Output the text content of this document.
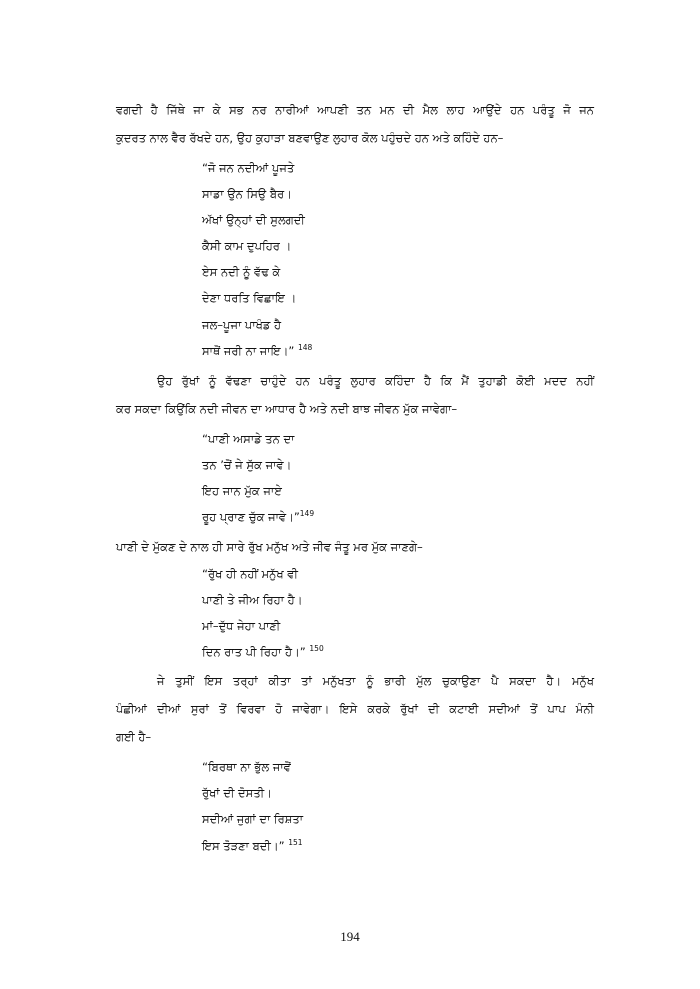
ਵਗਦੀ ਹੈ ਜਿੱਥੇ ਜਾ ਕੇ ਸਭ ਨਰ ਨਾਰੀਆਂ ਆਪਣੀ ਤਨ ਮਨ ਦੀ ਮੈਲ ਲਾਹ ਆਉਂਦੇ ਹਨ ਪਰੰਤੂ ਜੋ ਜਨ
ਕੁਦਰਤ ਨਾਲ ਵੈਰ ਰੱਖਦੇ ਹਨ, ਉਹ ਕੁਹਾੜਾ ਬਣਵਾਉਣ ਲੁਹਾਰ ਕੋਲ ਪਹੁੰਚਦੇ ਹਨ ਅਤੇ ਕਹਿੰਦੇ ਹਨ–
“ਜੋ ਜਨ ਨਦੀਆਂ ਪੂਜਤੇ
ਸਾਡਾ ਉਨ ਸਿਉ ਬੈਰ।
ਅੱਖਾਂ ਉਨ੍ਹਾਂ ਦੀ ਸੁਲਗਦੀ
ਕੈਸੀ ਕਾਮ ਦੁਪਹਿਰ ।
ਏਸ ਨਦੀ ਨੂੰ ਵੱਢ ਕੇ
ਦੇਣਾ ਧਰਤਿ ਵਿਛਾਇ ।
ਜਲ–ਪੂਜਾ ਪਾਖੰਡ ਹੈ
ਸਾਥੋਂ ਜਰੀ ਨਾ ਜਾਇ।” $^{148}$
ਉਹ ਰੁੱਖਾਂ ਨੂੰ ਵੱਢਣਾ ਚਾਹੁੰਦੇ ਹਨ ਪਰੰਤੂ ਲੁਹਾਰ ਕਹਿੰਦਾ ਹੈ ਕਿ ਮੈਂ ਤੁਹਾਡੀ ਕੋਈ ਮਦਦ ਨਹੀਂ
ਕਰ ਸਕਦਾ ਕਿਉਂਕਿ ਨਦੀ ਜੀਵਨ ਦਾ ਆਧਾਰ ਹੈ ਅਤੇ ਨਦੀ ਬਾਝ ਜੀਵਨ ਮੁੱਕ ਜਾਵੇਗਾ–
“ਪਾਣੀ ਅਸਾਡੇ ਤਨ ਦਾ
ਤਨ ’ਚੋਂ ਜੇ ਸੁੱਕ ਜਾਵੇ।
ਇਹ ਜਾਨ ਮੁੱਕ ਜਾਏ
ਰੂਹ ਪ੍ਰਾਣ ਚੁੱਕ ਜਾਵੇ।”$^{149}$
ਪਾਣੀ ਦੇ ਮੁੱਕਣ ਦੇ ਨਾਲ ਹੀ ਸਾਰੇ ਰੁੱਖ ਮਨੁੱਖ ਅਤੇ ਜੀਵ ਜੰਤੂ ਮਰ ਮੁੱਕ ਜਾਣਗੇ–
“ਰੁੱਖ ਹੀ ਨਹੀਂ ਮਨੁੱਖ ਵੀ
ਪਾਣੀ ਤੇ ਜੀਅ ਰਿਹਾ ਹੈ।
ਮਾਂ–ਦੁੱਧ ਜੇਹਾ ਪਾਣੀ
ਦਿਨ ਰਾਤ ਪੀ ਰਿਹਾ ਹੈ।” $^{150}$
ਜੇ ਤੁਸੀਂ ਇਸ ਤਰ੍ਹਾਂ ਕੀਤਾ ਤਾਂ ਮਨੁੱਖਤਾ ਨੂੰ ਭਾਰੀ ਮੁੱਲ ਚੁਕਾਉਣਾ ਪੈ ਸਕਦਾ ਹੈ। ਮਨੁੱਖ
ਪੰਛੀਆਂ ਦੀਆਂ ਸੁਰਾਂ ਤੋਂ ਵਿਰਵਾ ਹੋ ਜਾਵੇਗਾ। ਇਸੇ ਕਰਕੇ ਰੁੱਖਾਂ ਦੀ ਕਟਾਈ ਸਦੀਆਂ ਤੋਂ ਪਾਪ ਮੰਨੀ
ਗਈ ਹੈ–
“ਬਿਰਥਾ ਨਾ ਭੁੱਲ ਜਾਵੋਂ
ਰੁੱਖਾਂ ਦੀ ਦੋਸਤੀ।
ਸਦੀਆਂ ਜੁਗਾਂ ਦਾ ਰਿਸ਼ਤਾ
ਇਸ ਤੋੜਣਾ ਬਦੀ।” $^{151}$
194
